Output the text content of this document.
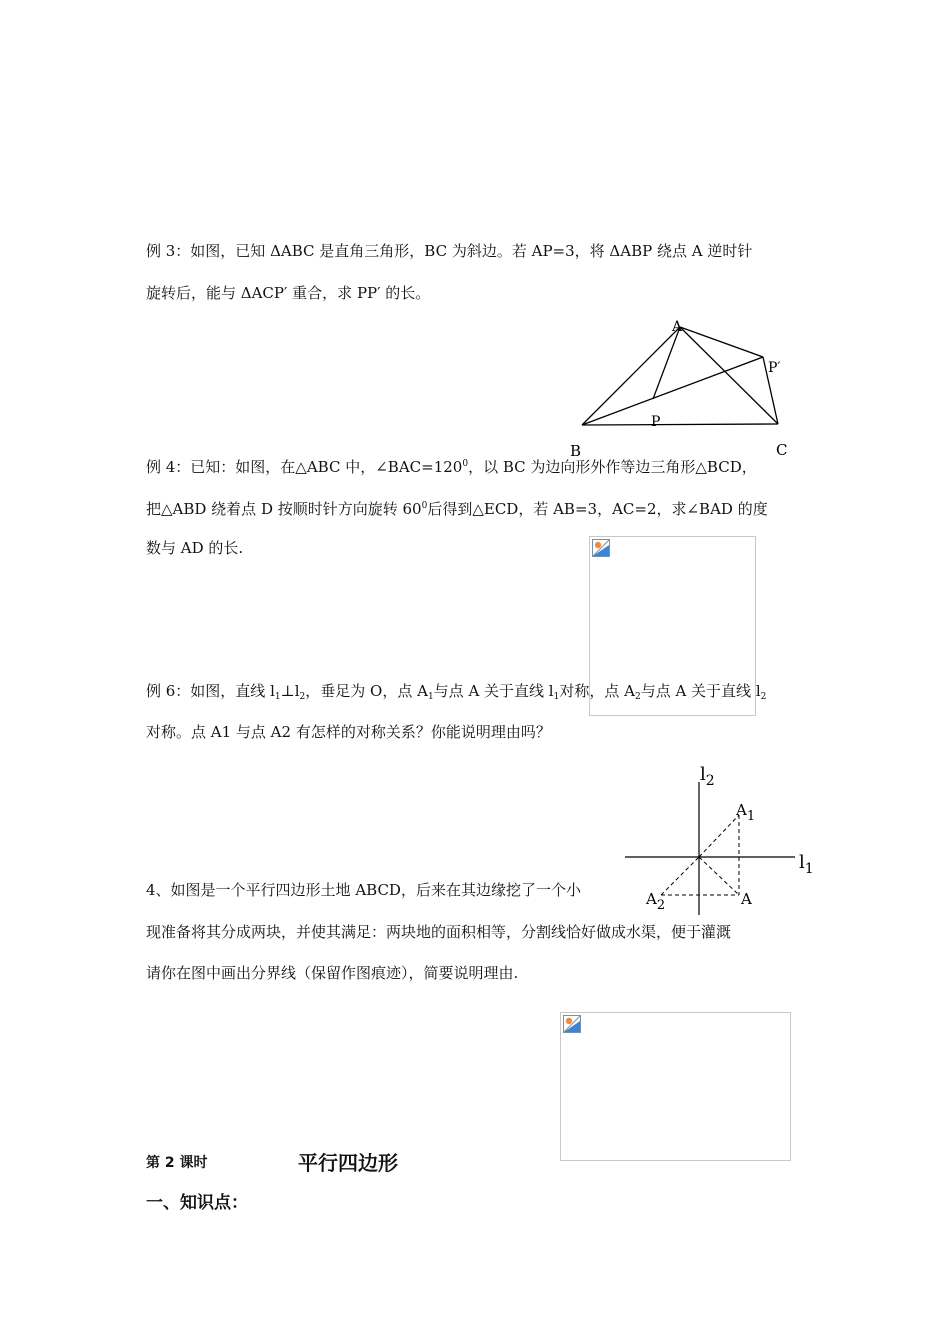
例 3：如图，已知 ΔABC 是直角三角形，BC 为斜边。若 AP=3，将 ΔABP 绕点 A 逆时针
旋转后，能与 ΔACP′ 重合，求 PP′ 的长。
A
P′
P
B	C
例 4：已知：如图，在△ABC 中，$\angle BAC=120^0$，以 BC 为边向形外作等边三角形△BCD，
把△ABD 绕着点 D 按顺时针方向旋转 $60^0$后得到△ECD，若 AB=3，AC=2，求∠BAD 的度
数与 AD 的长.
例 6：如图，直线 $l_1\perp l_2$，垂足为 O，点 $A_1$与点 A 关于直线 $l_1$对称，点 $A_2$与点 A 关于直线 $l_2$
对称。点 A1 与点 A2 有怎样的对称关系？你能说明理由吗？
$l_2$
A1
$l_1$
A2	A
4、如图是一个平行四边形土地 ABCD，后来在其边缘挖了一个小
现准备将其分成两块，并使其满足：两块地的面积相等，分割线恰好做成水渠，便于灌溉
请你在图中画出分界线（保留作图痕迹），简要说明理由.
第 2 课时	平行四边形
一、知识点：
